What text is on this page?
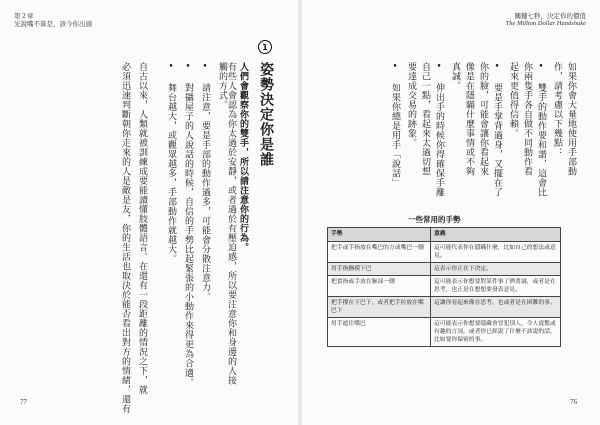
第２章
光說嘴不算是，該今你出頭
1
姿勢決定你是誰
人們會觀察你的雙手，所以請注意你的行為。
必須迅速判斷朝你走來的人是敵是友，你的生活也取決於能否看出對方的情緒，還有 自古以來，人類就被訓練成要能讀懂肢體語言。在還有一段距離的情況之下，就 • 舞台越大，或觀眾越多，手部動作就越大。 • 對攝屋子的人說話的時候，自信的手勢比起緊張的小動作來得更為合適。 • 請注意，要是手部的動作過多，可能會分散注意力。 觸的方式。 有些人會認為你太過於安靜，或者過於有壓迫感，所以要注意你和身邊的人接
77
關鍵七秒，決定你的價值
The Million Dollar Handshake
76
如果你會大量地使用手部動
作，請考慮以下幾點：
• 雙手的動作要和諧，這會比
你兩隻手各自做不同動作看
起來更值得信賴。
• 要是手掌背過身，又擺在了
你的臉，可能會讓你看起來
像是在隱瞞什麼事情或不夠
真誠。
• 伸出手的時候你得確保手離
自己一點，看起來太過切想
要達成交易的跡象。
• 如果你總是用手「說話」
一些常用的手勢
手勢	意義
把手或手指放在嘴巴的方或嘴巴一側	這可能代表你在隱瞞什麼，比如自己的想法或意見。
用手指撫摸下巴	這表示你正在下決定。
把食指或手放在臉部一側	這可能表示你想要對某件事了擠著論，或者是在思考，也正是在想想要發表意見。
把手撐在下巴下，或者把手拉放在嘴巴下	這讓你看起來像在思考，也或者是在困難的事。
用手遮住嘴巴	這可能表示你想要隱藏會冒犯別人，令人震驚或有趣的言詞，或者你已經說了什麼不該說的話，比如要你保密的事。
